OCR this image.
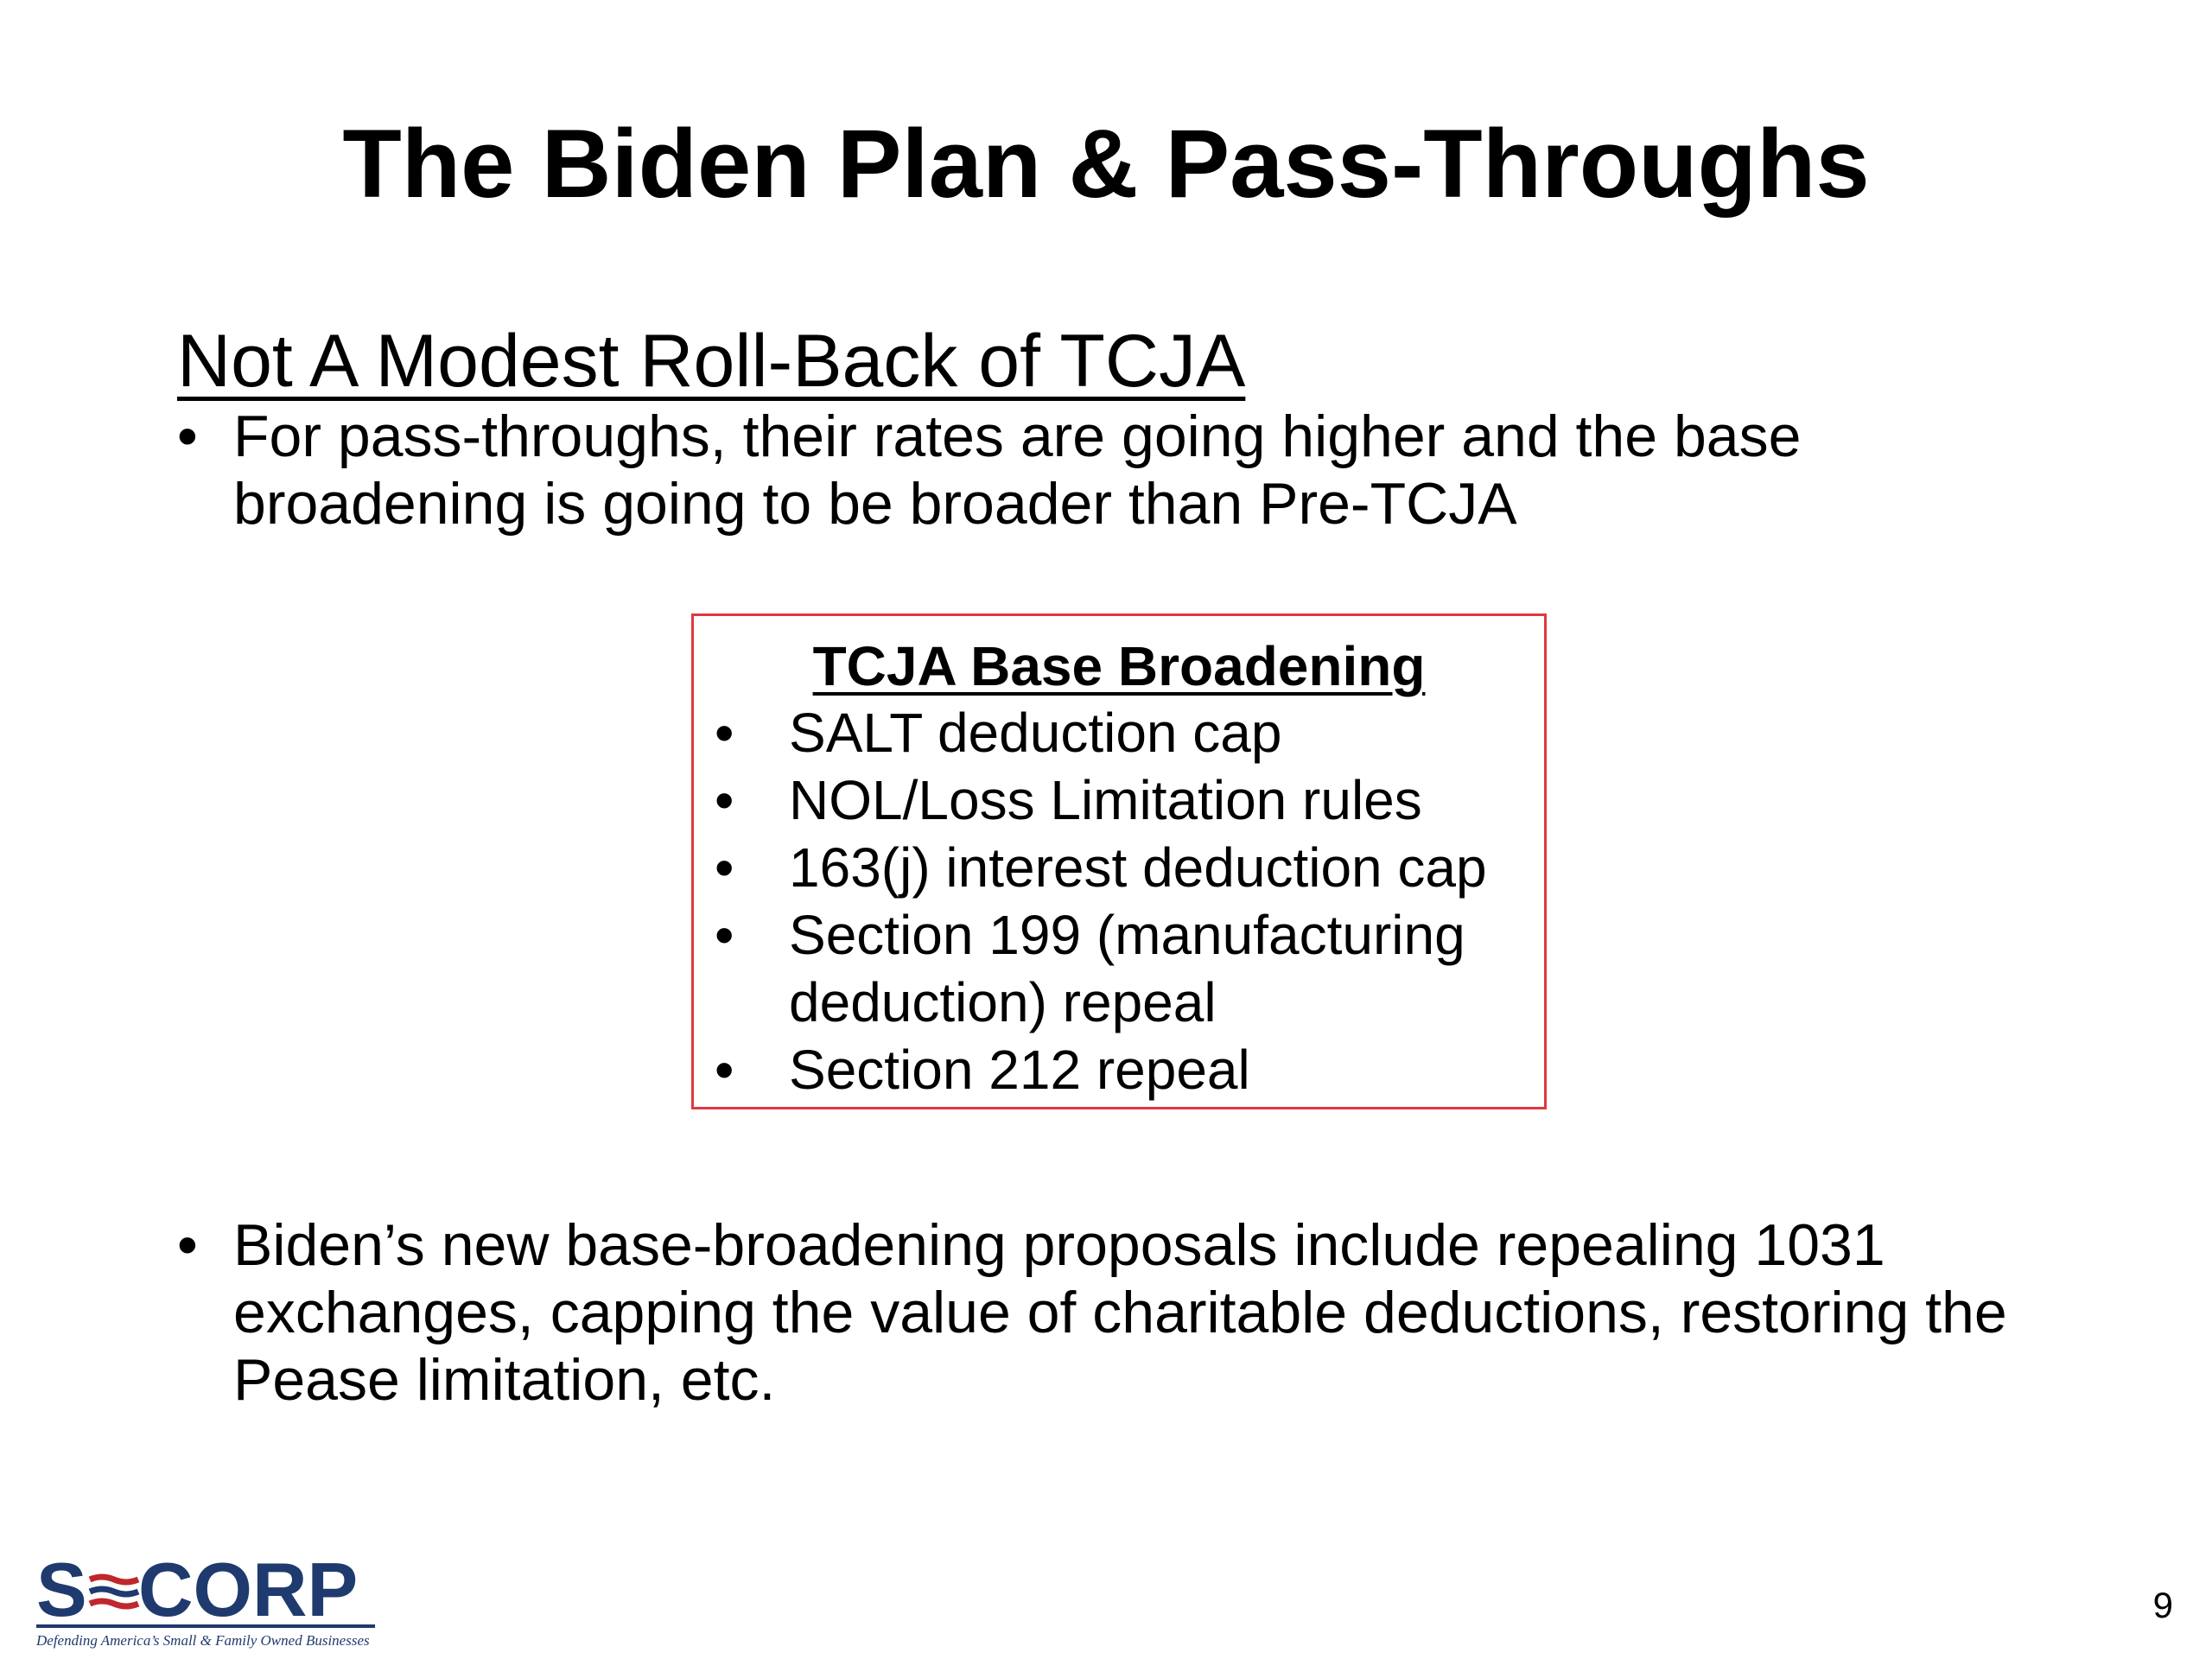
The Biden Plan & Pass-Throughs
Not A Modest Roll-Back of TCJA
• For pass-throughs, their rates are going higher and the base broadening is going to be broader than Pre-TCJA
TCJA Base Broadening
• SALT deduction cap
• NOL/Loss Limitation rules
• 163(j) interest deduction cap
• Section 199 (manufacturing deduction) repeal
• Section 212 repeal
• Biden’s new base-broadening proposals include repealing 1031 exchanges, capping the value of charitable deductions, restoring the Pease limitation, etc.
S CORP
Defending America’s Small & Family Owned Businesses
9
